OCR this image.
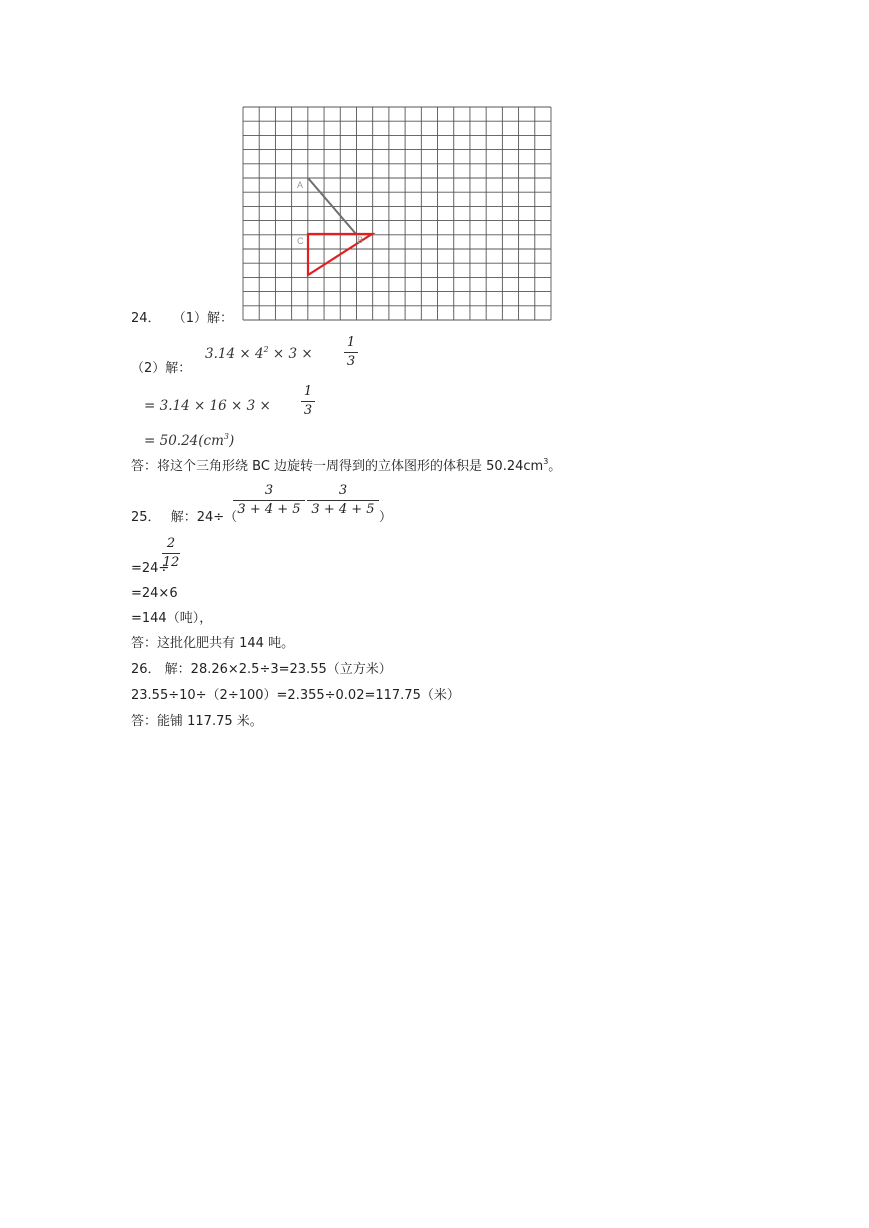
A
C	B
24． （1）解：
（2）解：
$3.14 \times 4^2 \times 3$ ×
1
3
= 3.14 × 16 × 3 ×
1
3
= $50.24(cm^3)$
答：将这个三角形绕 BC 边旋转一周得到的立体图形的体积是 $50.24cm^3$。
25． 解：24÷（
3
3 + 4 + 5
3
3 + 4 + 5
）
=24÷
2
12
=24×6
=144（吨），
答：这批化肥共有 144 吨。
26． 解：28.26×2.5÷3=23.55（立方米）
23.55÷10÷（2÷100）=2.355÷0.02=117.75（米）
答：能铺 117.75 米。
